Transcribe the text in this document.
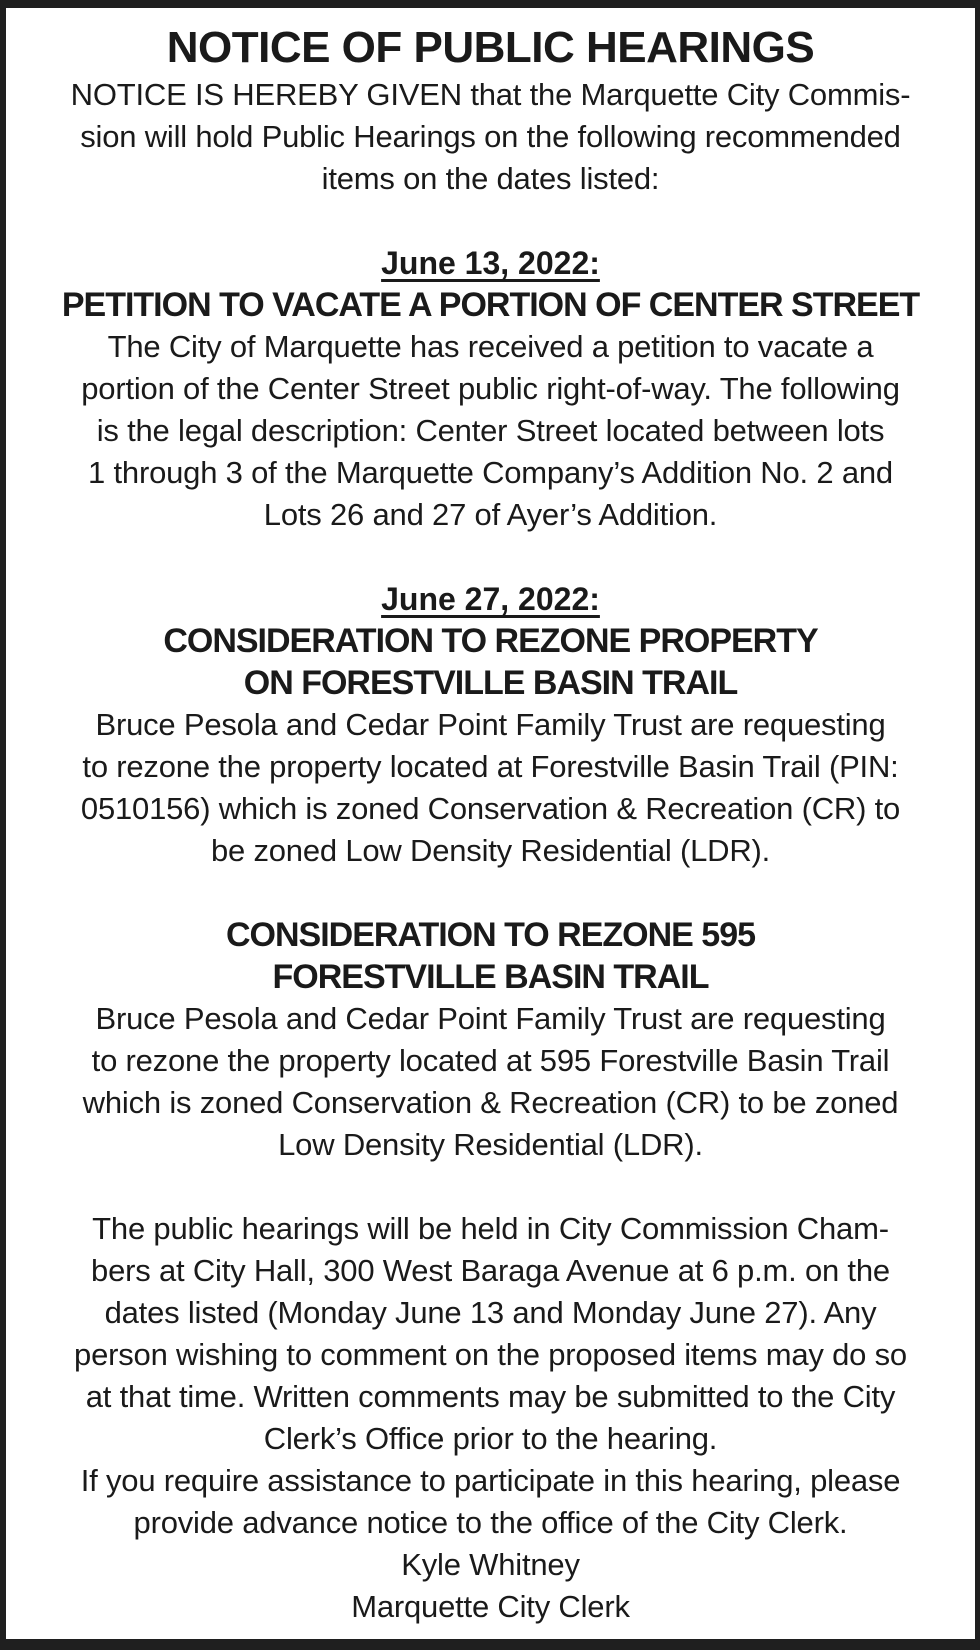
NOTICE OF PUBLIC HEARINGS
NOTICE IS HEREBY GIVEN that the Marquette City Commis-
sion will hold Public Hearings on the following recommended
items on the dates listed:
June 13, 2022:
PETITION TO VACATE A PORTION OF CENTER STREET
The City of Marquette has received a petition to vacate a
portion of the Center Street public right-of-way. The following
is the legal description: Center Street located between lots
1 through 3 of the Marquette Company’s Addition No. 2 and
Lots 26 and 27 of Ayer’s Addition.
June 27, 2022:
CONSIDERATION TO REZONE PROPERTY
ON FORESTVILLE BASIN TRAIL
Bruce Pesola and Cedar Point Family Trust are requesting
to rezone the property located at Forestville Basin Trail (PIN:
0510156) which is zoned Conservation & Recreation (CR) to
be zoned Low Density Residential (LDR).
CONSIDERATION TO REZONE 595
FORESTVILLE BASIN TRAIL
Bruce Pesola and Cedar Point Family Trust are requesting
to rezone the property located at 595 Forestville Basin Trail
which is zoned Conservation & Recreation (CR) to be zoned
Low Density Residential (LDR).
The public hearings will be held in City Commission Cham-
bers at City Hall, 300 West Baraga Avenue at 6 p.m. on the
dates listed (Monday June 13 and Monday June 27). Any
person wishing to comment on the proposed items may do so
at that time. Written comments may be submitted to the City
Clerk’s Office prior to the hearing.
If you require assistance to participate in this hearing, please
provide advance notice to the office of the City Clerk.
Kyle Whitney
Marquette City Clerk
